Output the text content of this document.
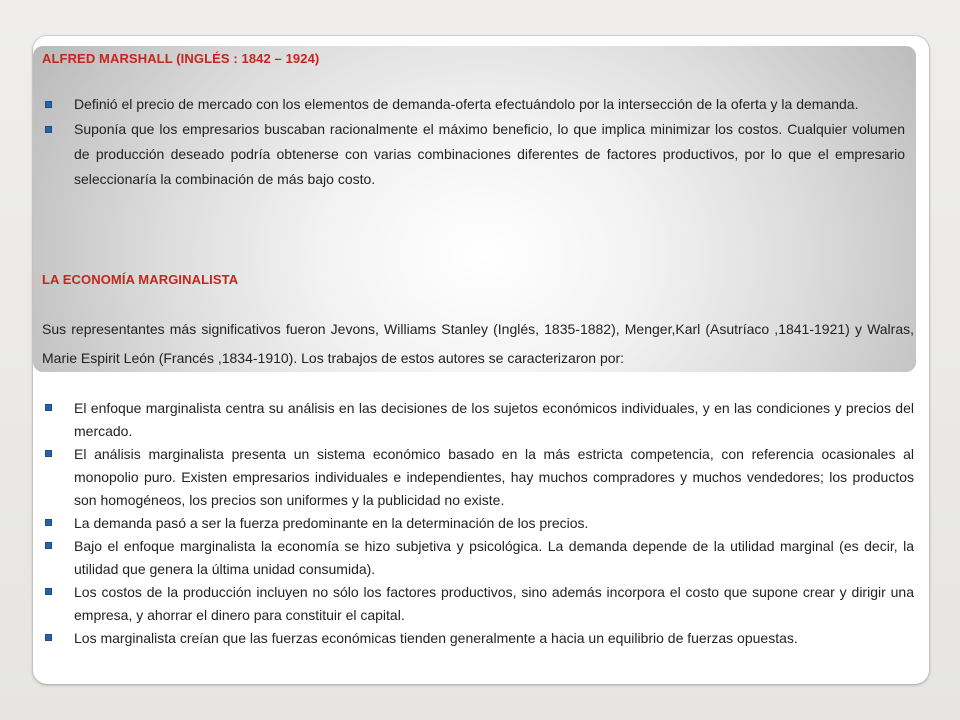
ALFRED MARSHALL (INGLÉS : 1842 – 1924)
Definió el precio de mercado con los elementos de demanda-oferta efectuándolo por la intersección de la oferta y la demanda.
Suponía que los empresarios buscaban racionalmente el máximo beneficio, lo que implica minimizar los costos. Cualquier volumen de producción deseado podría obtenerse con varias combinaciones diferentes de factores productivos, por lo que el empresario seleccionaría la combinación de más bajo costo.
LA ECONOMÍA MARGINALISTA

Sus representantes más significativos fueron Jevons, Williams Stanley (Inglés, 1835-1882), Menger,Karl (Asutríaco ,1841-1921) y Walras, Marie Espirit León (Francés ,1834-1910). Los trabajos de estos autores se caracterizaron por:

El enfoque marginalista centra su análisis en las decisiones de los sujetos económicos individuales, y en las condiciones y precios del mercado.
El análisis marginalista presenta un sistema económico basado en la más estricta competencia, con referencia ocasionales al monopolio puro. Existen empresarios individuales e independientes, hay muchos compradores y muchos vendedores; los productos son homogéneos, los precios son uniformes y la publicidad no existe.
La demanda pasó a ser la fuerza predominante en la determinación de los precios.
Bajo el enfoque marginalista la economía se hizo subjetiva y psicológica. La demanda depende de la utilidad marginal (es decir, la utilidad que genera la última unidad consumida).
Los costos de la producción incluyen no sólo los factores productivos, sino además incorpora el costo que supone crear y dirigir una empresa, y ahorrar el dinero para constituir el capital.
Los marginalista creían que las fuerzas económicas tienden generalmente a hacia un equilibrio de fuerzas opuestas.
